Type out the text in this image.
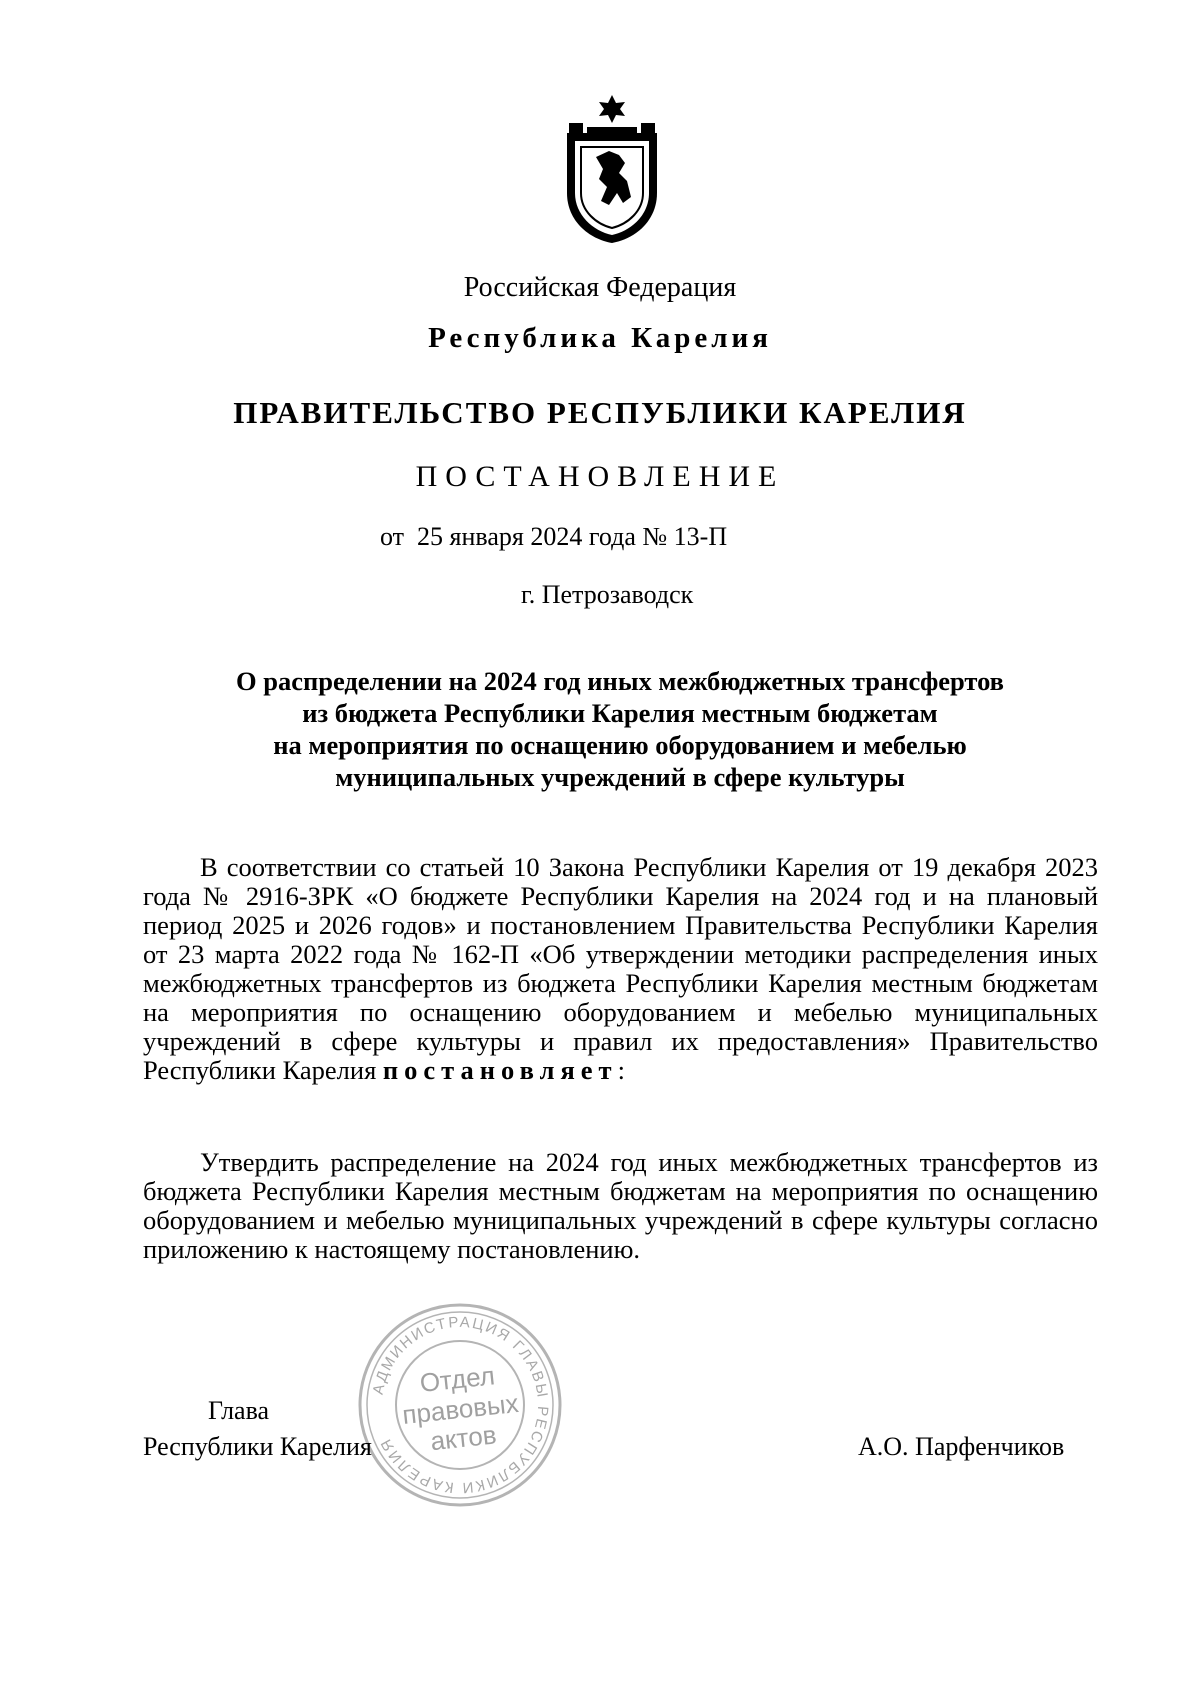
Российская Федерация
Республика Карелия
ПРАВИТЕЛЬСТВО РЕСПУБЛИКИ КАРЕЛИЯ
ПОСТАНОВЛЕНИЕ
от  25 января 2024 года № 13-П
г. Петрозаводск
О распределении на 2024 год иных межбюджетных трансфертов
из бюджета Республики Карелия местным бюджетам
на мероприятия по оснащению оборудованием и мебелью
муниципальных учреждений в сфере культуры
В соответствии со статьей 10 Закона Республики Карелия от 19 декабря 2023 года № 2916-ЗРК «О бюджете Республики Карелия на 2024 год и на плановый период 2025 и 2026 годов» и постановлением Правительства Республики Карелия  от 23 марта 2022 года № 162-П «Об утверждении методики распределения иных межбюджетных трансфертов из бюджета Республики Карелия местным бюджетам на мероприятия по оснащению оборудованием и мебелью муниципальных учреждений в сфере культуры и правил их предоставления» Правительство Республики Карелия постановляет:
Утвердить распределение на 2024 год иных межбюджетных трансфертов из бюджета Республики Карелия местным бюджетам на мероприятия по оснащению оборудованием и мебелью муниципальных учреждений в сфере культуры согласно приложению к настоящему постановлению.
АДМИНИСТРАЦИЯ ГЛАВЫ РЕСПУБЛИКИ КАРЕЛИЯ
Отдел
правовых
актов
Глава
Республики Карелия	А.О. Парфенчиков
